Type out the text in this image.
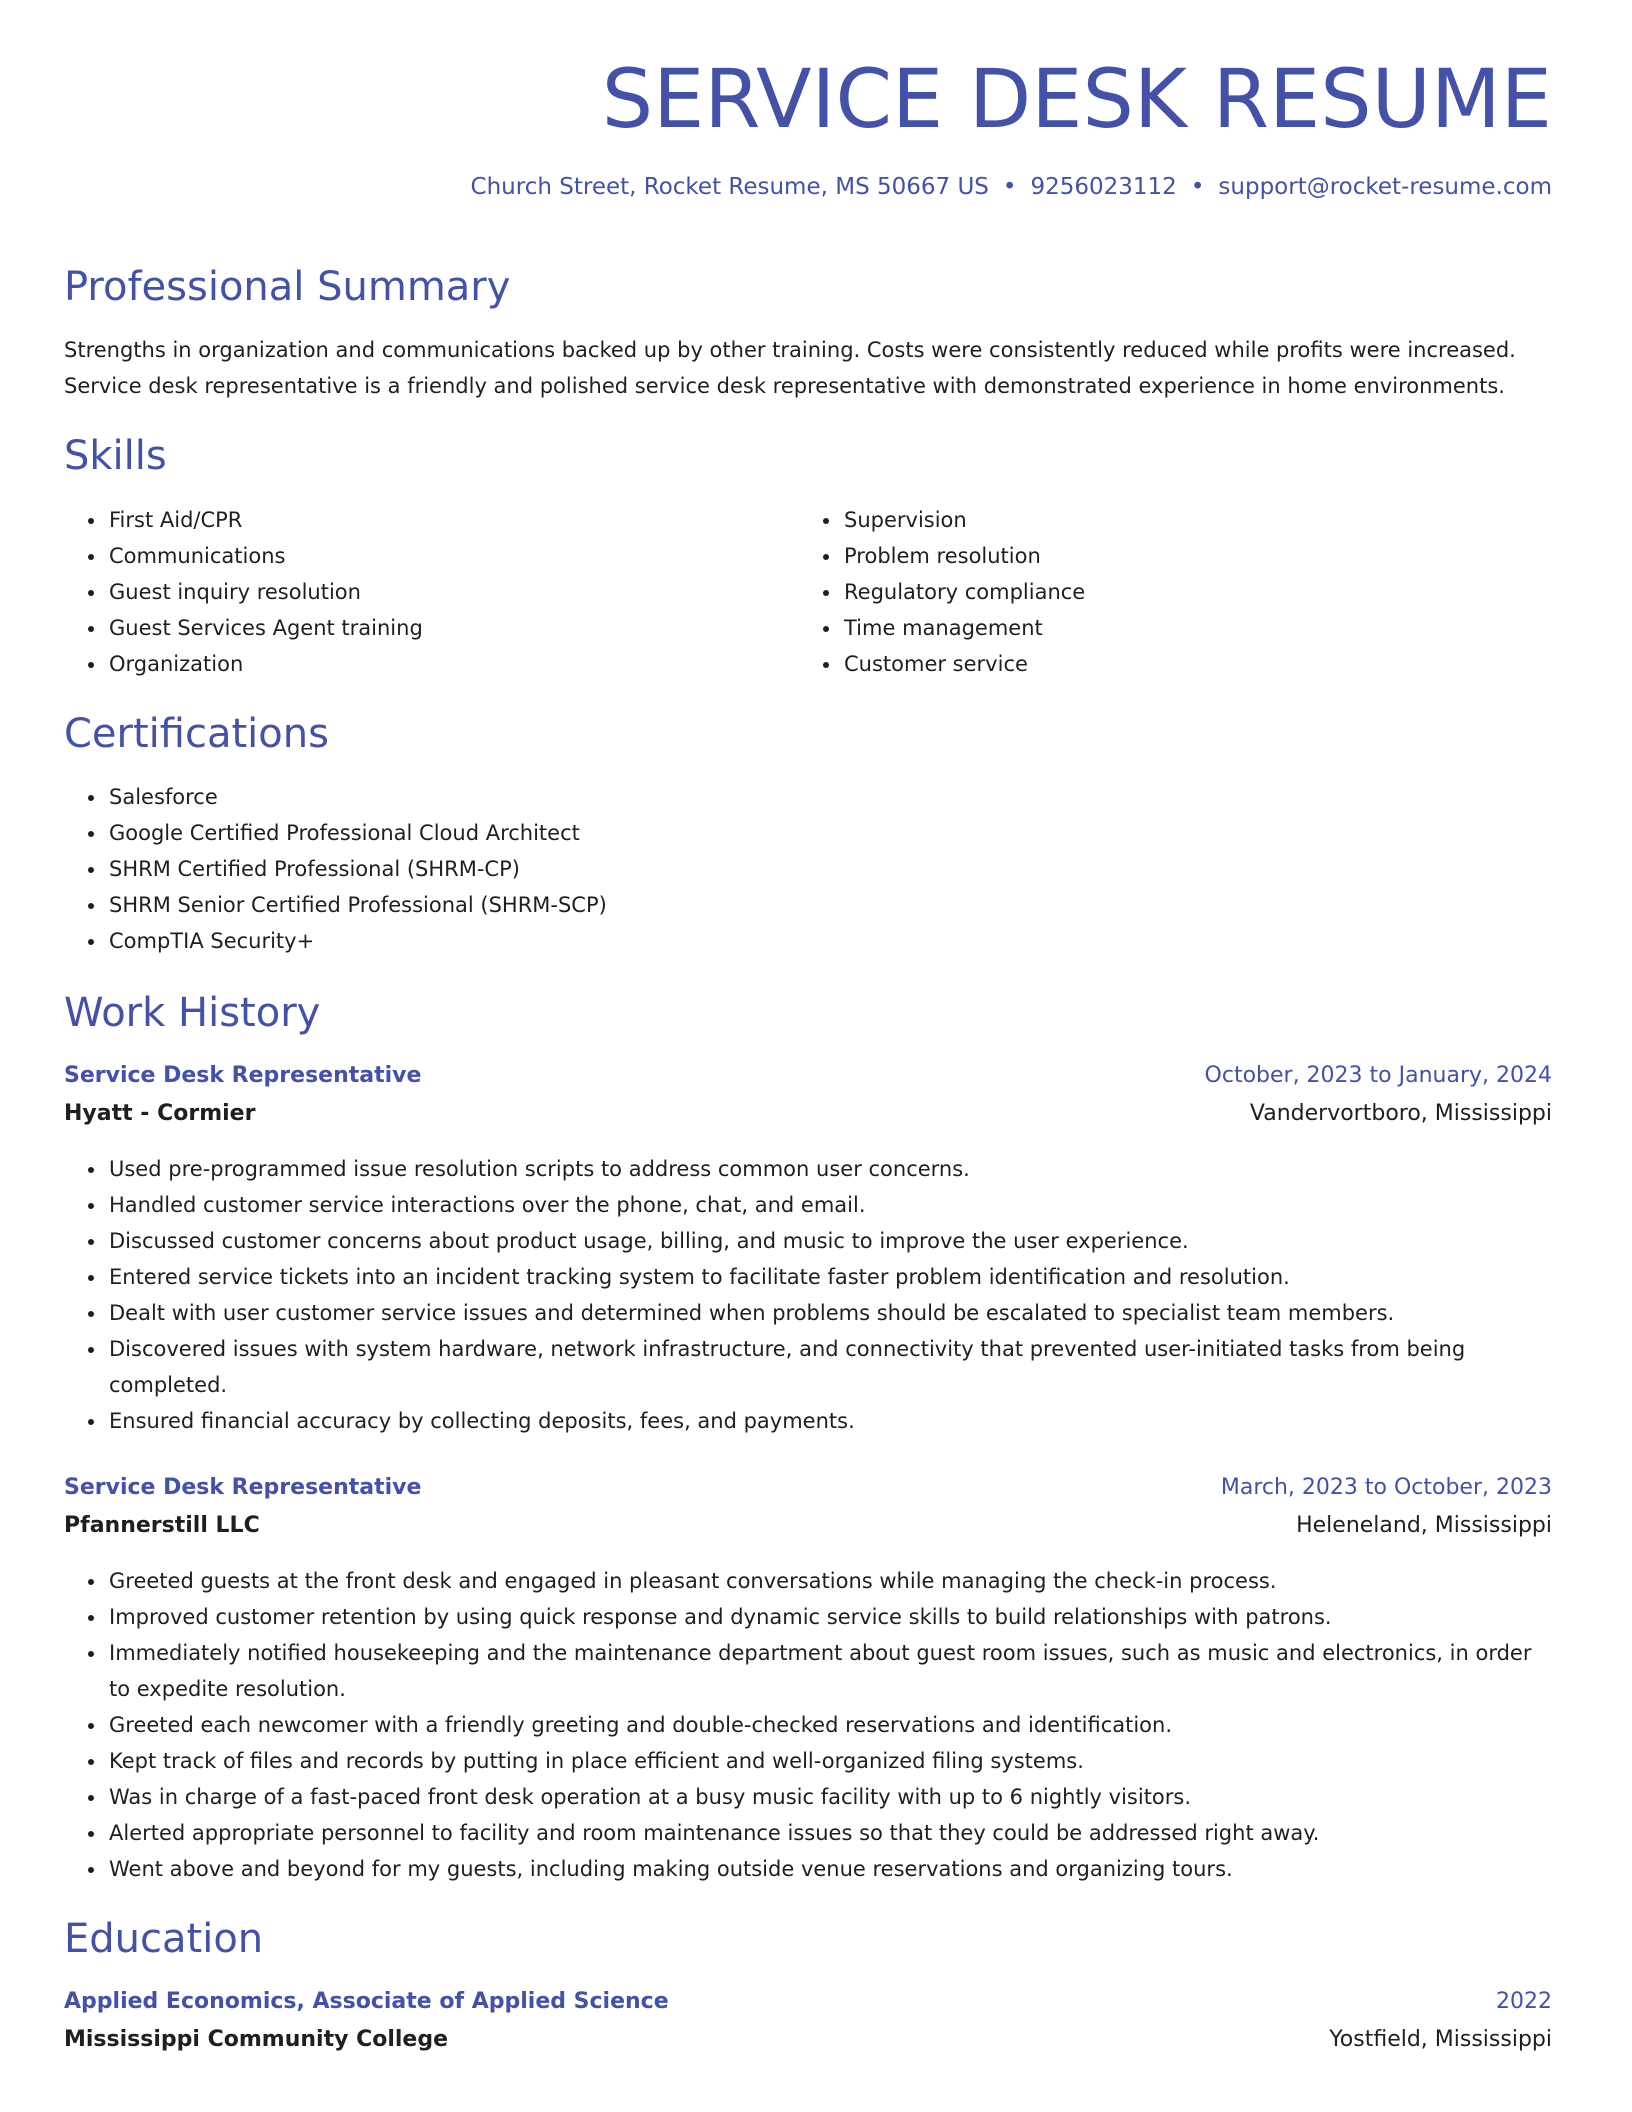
SERVICE DESK RESUME
Church Street, Rocket Resume, MS 50667 US • 9256023112 • support@rocket-resume.com
Professional Summary

Strengths in organization and communications backed up by other training. Costs were consistently reduced while profits were increased. Service desk representative is a friendly and polished service desk representative with demonstrated experience in home environments.

Skills
• First Aid/CPR
• Communications
• Guest inquiry resolution
• Guest Services Agent training
• Organization
• Supervision
• Problem resolution
• Regulatory compliance
• Time management
• Customer service
Certifications
• Salesforce
• Google Certified Professional Cloud Architect
• SHRM Certified Professional (SHRM-CP)
• SHRM Senior Certified Professional (SHRM-SCP)
• CompTIA Security+
Work History
Service Desk Representative	October, 2023 to January, 2024
Hyatt - Cormier	Vandervortboro, Mississippi
• Used pre-programmed issue resolution scripts to address common user concerns.
• Handled customer service interactions over the phone, chat, and email.
• Discussed customer concerns about product usage, billing, and music to improve the user experience.
• Entered service tickets into an incident tracking system to facilitate faster problem identification and resolution.
• Dealt with user customer service issues and determined when problems should be escalated to specialist team members.
• Discovered issues with system hardware, network infrastructure, and connectivity that prevented user-initiated tasks from being completed.
• Ensured financial accuracy by collecting deposits, fees, and payments.
Service Desk Representative	March, 2023 to October, 2023
Pfannerstill LLC	Heleneland, Mississippi
• Greeted guests at the front desk and engaged in pleasant conversations while managing the check-in process.
• Improved customer retention by using quick response and dynamic service skills to build relationships with patrons.
• Immediately notified housekeeping and the maintenance department about guest room issues, such as music and electronics, in order to expedite resolution.
• Greeted each newcomer with a friendly greeting and double-checked reservations and identification.
• Kept track of files and records by putting in place efficient and well-organized filing systems.
• Was in charge of a fast-paced front desk operation at a busy music facility with up to 6 nightly visitors.
• Alerted appropriate personnel to facility and room maintenance issues so that they could be addressed right away.
• Went above and beyond for my guests, including making outside venue reservations and organizing tours.
Education
Applied Economics, Associate of Applied Science	2022
Mississippi Community College	Yostfield, Mississippi
